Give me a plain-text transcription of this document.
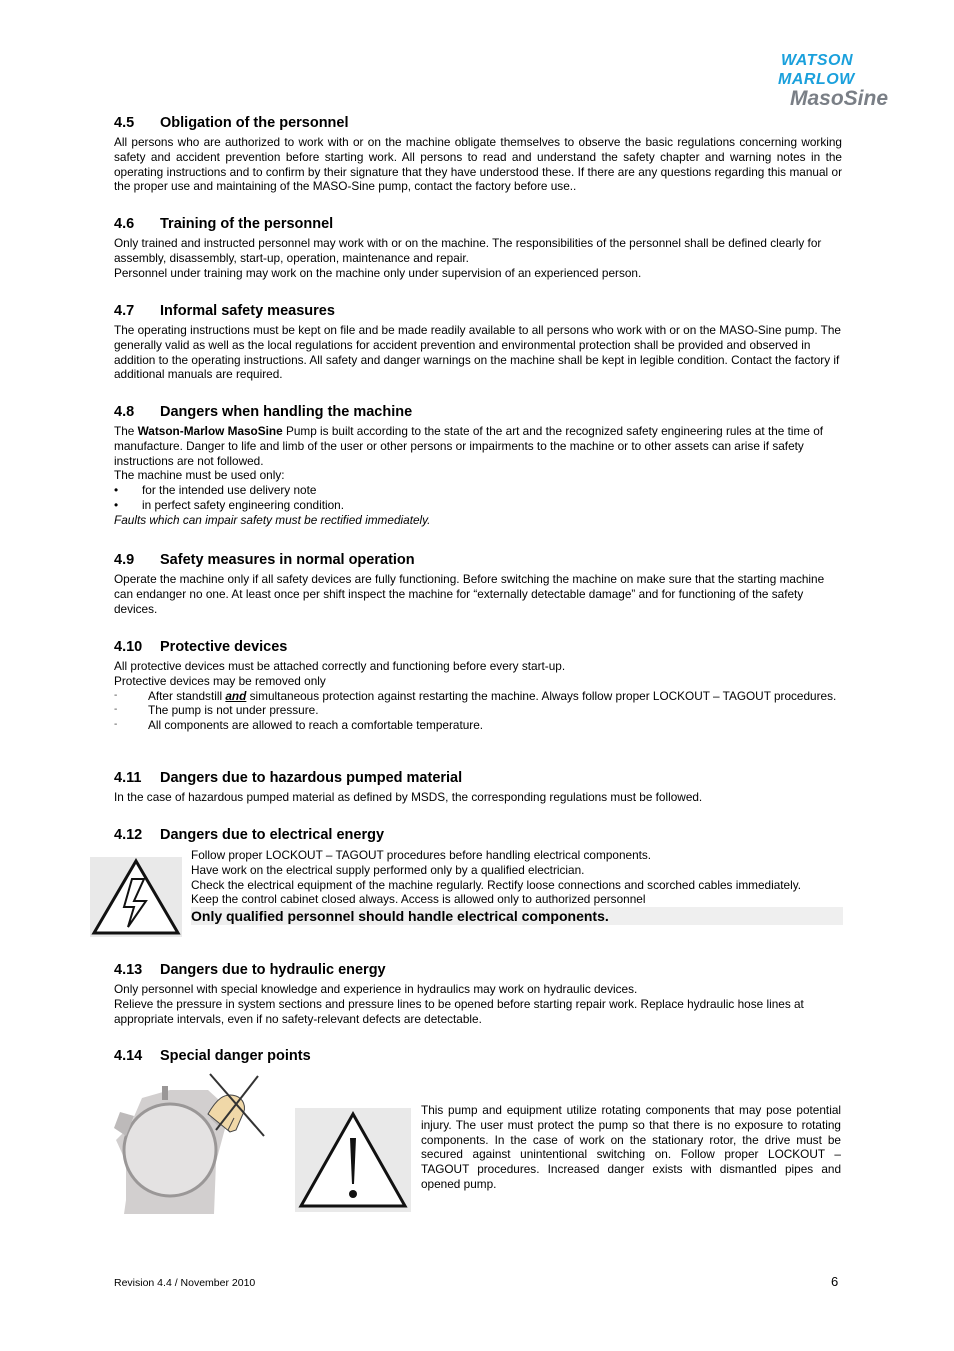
WATSON
MARLOW
MasoSine
4.5 Obligation of the personnel

All persons who are authorized to work with or on the machine obligate themselves to observe the basic regulations concerning working safety and accident prevention before starting work. All persons to read and understand the safety chapter and warning notes in the operating instructions and to confirm by their signature that they have understood these. If there are any questions regarding this manual or the proper use and maintaining of the MASO-Sine pump, contact the factory before use..

4.6 Training of the personnel

Only trained and instructed personnel may work with or on the machine. The responsibilities of the personnel shall be defined clearly for assembly, disassembly, start-up, operation, maintenance and repair.

Personnel under training may work on the machine only under supervision of an experienced person.

4.7 Informal safety measures

The operating instructions must be kept on file and be made readily available to all persons who work with or on the MASO-Sine pump. The generally valid as well as the local regulations for accident prevention and environmental protection shall be provided and observed in addition to the operating instructions. All safety and danger warnings on the machine shall be kept in legible condition. Contact the factory if additional manuals are required.

4.8 Dangers when handling the machine

The Watson-Marlow MasoSine Pump is built according to the state of the art and the recognized safety engineering rules at the time of manufacture. Danger to life and limb of the user or other persons or impairments to the machine or to other assets can arise if safety instructions are not followed.

The machine must be used only:

• for the intended use delivery note
• in perfect safety engineering condition.

Faults which can impair safety must be rectified immediately.

4.9 Safety measures in normal operation

Operate the machine only if all safety devices are fully functioning. Before switching the machine on make sure that the starting machine can endanger no one. At least once per shift inspect the machine for “externally detectable damage” and for functioning of the safety devices.

4.10 Protective devices

All protective devices must be attached correctly and functioning before every start-up.

Protective devices may be removed only

-	After standstill and simultaneous protection against restarting the machine. Always follow proper LOCKOUT – TAGOUT procedures.
-	The pump is not under pressure.
-	All components are allowed to reach a comfortable temperature.
4.11 Dangers due to hazardous pumped material

In the case of hazardous pumped material as defined by MSDS, the corresponding regulations must be followed.

4.12 Dangers due to electrical energy

Follow proper LOCKOUT – TAGOUT procedures before handling electrical components.

Have work on the electrical supply performed only by a qualified electrician.

Check the electrical equipment of the machine regularly. Rectify loose connections and scorched cables immediately.

Keep the control cabinet closed always. Access is allowed only to authorized personnel

Only qualified personnel should handle electrical components.
4.13 Dangers due to hydraulic energy

Only personnel with special knowledge and experience in hydraulics may work on hydraulic devices.

Relieve the pressure in system sections and pressure lines to be opened before starting repair work. Replace hydraulic hose lines at appropriate intervals, even if no safety-relevant defects are detectable.

4.14 Special danger points

This pump and equipment utilize rotating components that may pose potential injury. The user must protect the pump so that there is no exposure to rotating components. In the case of work on the stationary rotor, the drive must be secured against unintentional switching on. Follow proper LOCKOUT – TAGOUT procedures. Increased danger exists with dismantled pipes and opened pump.

Revision 4.4 / November 2010	6
